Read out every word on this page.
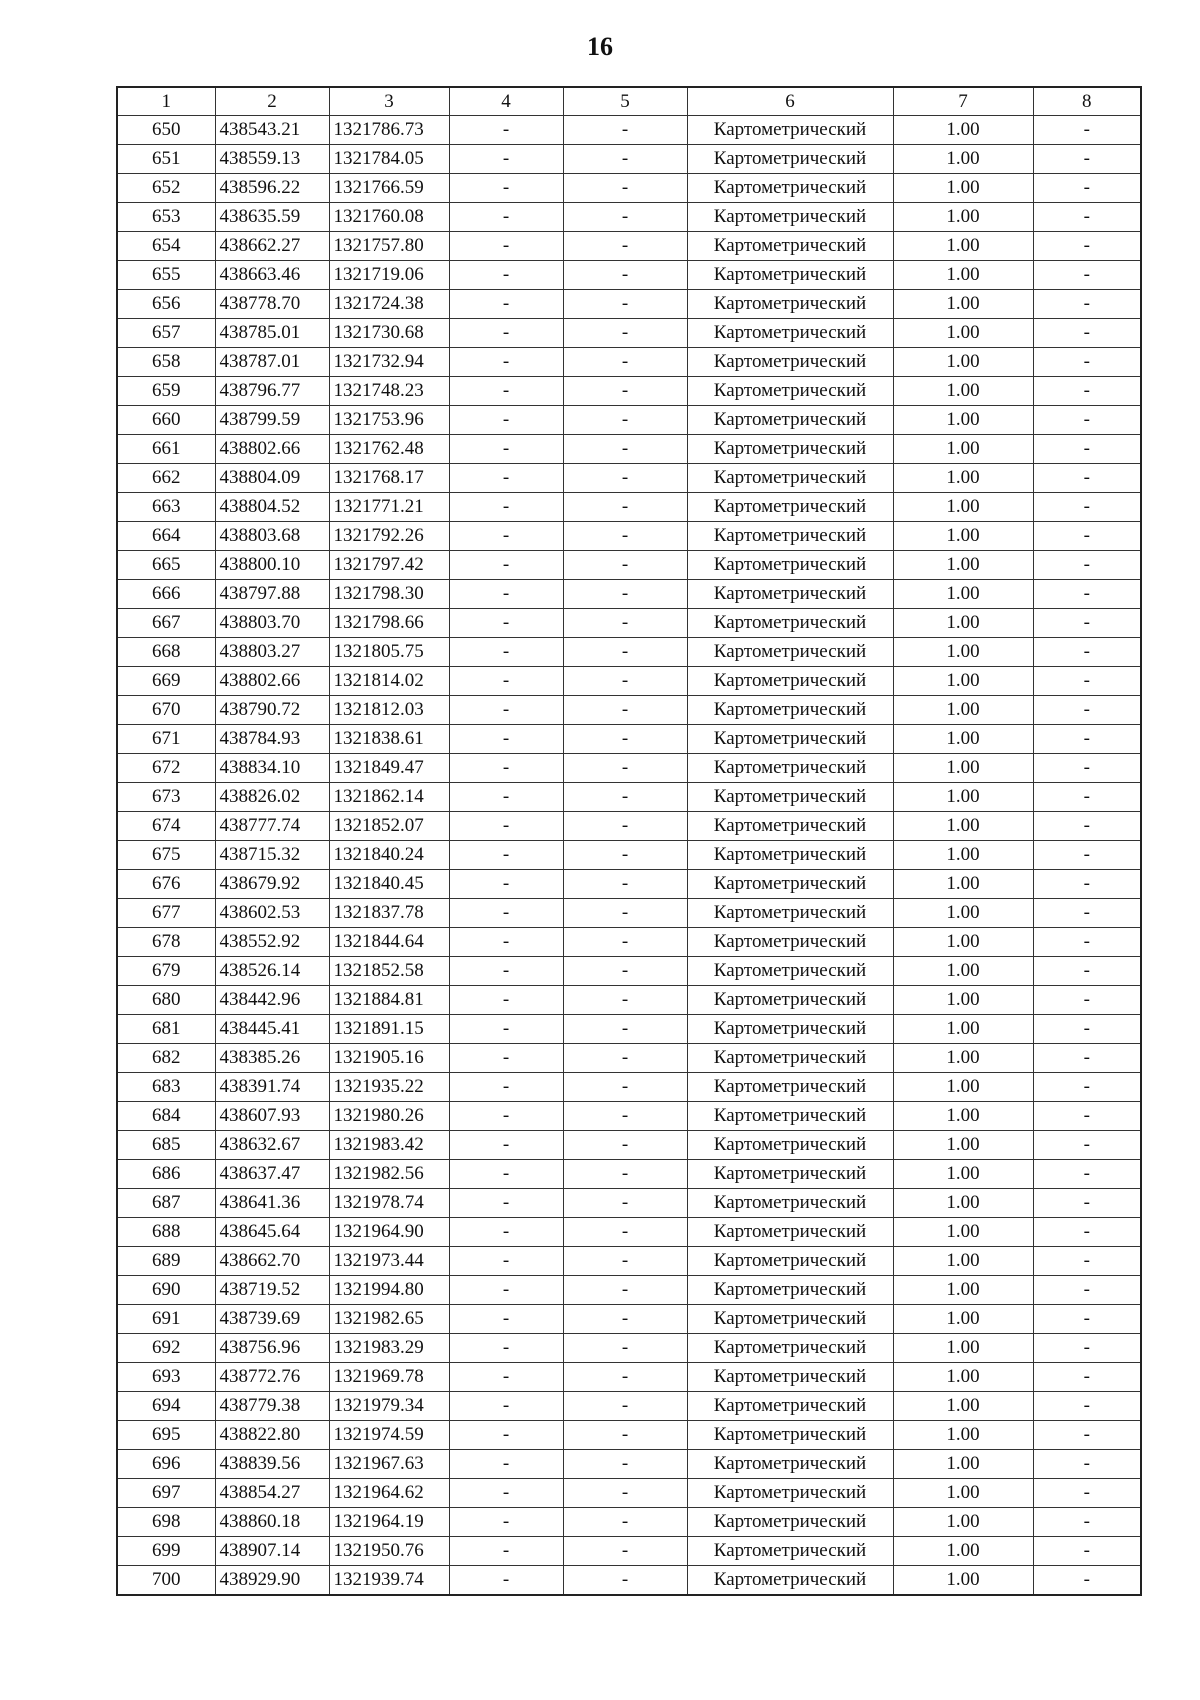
16
1	2	3	4	5	6	7	8
650	438543.21	1321786.73	-	-	Картометрический	1.00	-
651	438559.13	1321784.05	-	-	Картометрический	1.00	-
652	438596.22	1321766.59	-	-	Картометрический	1.00	-
653	438635.59	1321760.08	-	-	Картометрический	1.00	-
654	438662.27	1321757.80	-	-	Картометрический	1.00	-
655	438663.46	1321719.06	-	-	Картометрический	1.00	-
656	438778.70	1321724.38	-	-	Картометрический	1.00	-
657	438785.01	1321730.68	-	-	Картометрический	1.00	-
658	438787.01	1321732.94	-	-	Картометрический	1.00	-
659	438796.77	1321748.23	-	-	Картометрический	1.00	-
660	438799.59	1321753.96	-	-	Картометрический	1.00	-
661	438802.66	1321762.48	-	-	Картометрический	1.00	-
662	438804.09	1321768.17	-	-	Картометрический	1.00	-
663	438804.52	1321771.21	-	-	Картометрический	1.00	-
664	438803.68	1321792.26	-	-	Картометрический	1.00	-
665	438800.10	1321797.42	-	-	Картометрический	1.00	-
666	438797.88	1321798.30	-	-	Картометрический	1.00	-
667	438803.70	1321798.66	-	-	Картометрический	1.00	-
668	438803.27	1321805.75	-	-	Картометрический	1.00	-
669	438802.66	1321814.02	-	-	Картометрический	1.00	-
670	438790.72	1321812.03	-	-	Картометрический	1.00	-
671	438784.93	1321838.61	-	-	Картометрический	1.00	-
672	438834.10	1321849.47	-	-	Картометрический	1.00	-
673	438826.02	1321862.14	-	-	Картометрический	1.00	-
674	438777.74	1321852.07	-	-	Картометрический	1.00	-
675	438715.32	1321840.24	-	-	Картометрический	1.00	-
676	438679.92	1321840.45	-	-	Картометрический	1.00	-
677	438602.53	1321837.78	-	-	Картометрический	1.00	-
678	438552.92	1321844.64	-	-	Картометрический	1.00	-
679	438526.14	1321852.58	-	-	Картометрический	1.00	-
680	438442.96	1321884.81	-	-	Картометрический	1.00	-
681	438445.41	1321891.15	-	-	Картометрический	1.00	-
682	438385.26	1321905.16	-	-	Картометрический	1.00	-
683	438391.74	1321935.22	-	-	Картометрический	1.00	-
684	438607.93	1321980.26	-	-	Картометрический	1.00	-
685	438632.67	1321983.42	-	-	Картометрический	1.00	-
686	438637.47	1321982.56	-	-	Картометрический	1.00	-
687	438641.36	1321978.74	-	-	Картометрический	1.00	-
688	438645.64	1321964.90	-	-	Картометрический	1.00	-
689	438662.70	1321973.44	-	-	Картометрический	1.00	-
690	438719.52	1321994.80	-	-	Картометрический	1.00	-
691	438739.69	1321982.65	-	-	Картометрический	1.00	-
692	438756.96	1321983.29	-	-	Картометрический	1.00	-
693	438772.76	1321969.78	-	-	Картометрический	1.00	-
694	438779.38	1321979.34	-	-	Картометрический	1.00	-
695	438822.80	1321974.59	-	-	Картометрический	1.00	-
696	438839.56	1321967.63	-	-	Картометрический	1.00	-
697	438854.27	1321964.62	-	-	Картометрический	1.00	-
698	438860.18	1321964.19	-	-	Картометрический	1.00	-
699	438907.14	1321950.76	-	-	Картометрический	1.00	-
700	438929.90	1321939.74	-	-	Картометрический	1.00	-
